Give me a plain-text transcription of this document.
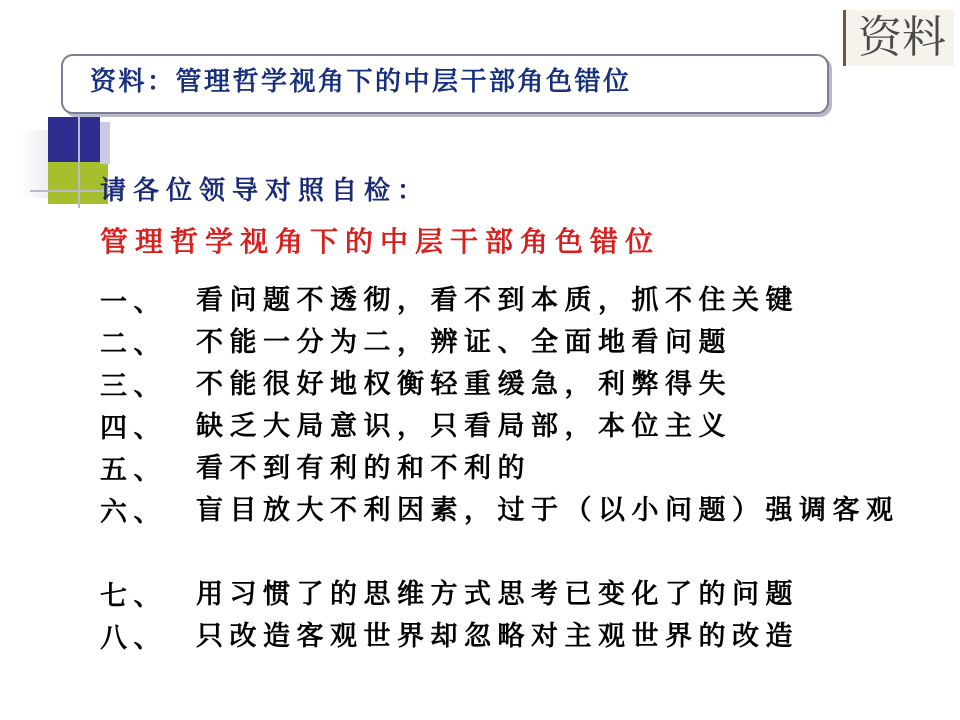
资料
资料：管理哲学视角下的中层干部角色错位
请各位领导对照自检：
管理哲学视角下的中层干部角色错位
一、 看问题不透彻，看不到本质，抓不住关键
二、 不能一分为二，辨证、全面地看问题
三、 不能很好地权衡轻重缓急，利弊得失
四、 缺乏大局意识，只看局部，本位主义
五、 看不到有利的和不利的
六、 盲目放大不利因素，过于（以小问题）强调客观
七、 用习惯了的思维方式思考已变化了的问题
八、 只改造客观世界却忽略对主观世界的改造
